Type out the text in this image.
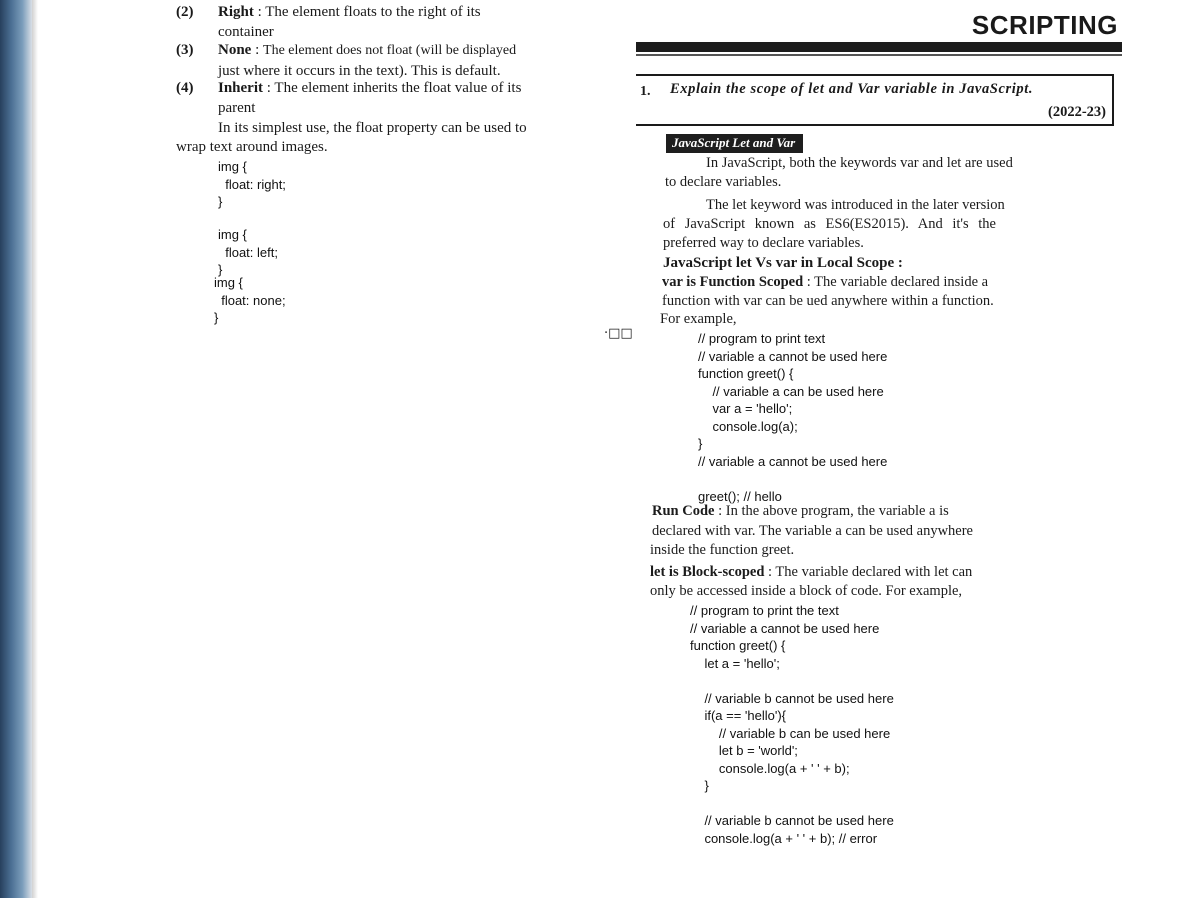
(2) Right : The element floats to the right of its
container
(3) None : The element does not float (will be displayed
just where it occurs in the text). This is default.
(4) Inherit : The element inherits the float value of its
parent
In its simplest use, the float property can be used to
wrap text around images.
img {
float: right;
}
img {
float: left;
}
img {
float: none;
}
·□□
SCRIPTING
1. Explain the scope of let and Var variable in JavaScript.
(2022-23)
JavaScript Let and Var
In JavaScript, both the keywords var and let are used
to declare variables.
The let keyword was introduced in the later version
of JavaScript known as ES6(ES2015). And it's the
preferred way to declare variables.
JavaScript let Vs var in Local Scope :
var is Function Scoped : The variable declared inside a
function with var can be ued anywhere within a function.
For example,
// program to print text
// variable a cannot be used here
function greet() {
// variable a can be used here
var a = 'hello';
console.log(a);
}
// variable a cannot be used here

greet(); // hello
Run Code : In the above program, the variable a is
declared with var. The variable a can be used anywhere
inside the function greet.
let is Block-scoped : The variable declared with let can
only be accessed inside a block of code. For example,
// program to print the text
// variable a cannot be used here
function greet() {
let a = 'hello';

// variable b cannot be used here
if(a == 'hello'){
// variable b can be used here
let b = 'world';
console.log(a + ' ' + b);
}

// variable b cannot be used here
console.log(a + ' ' + b); // error
